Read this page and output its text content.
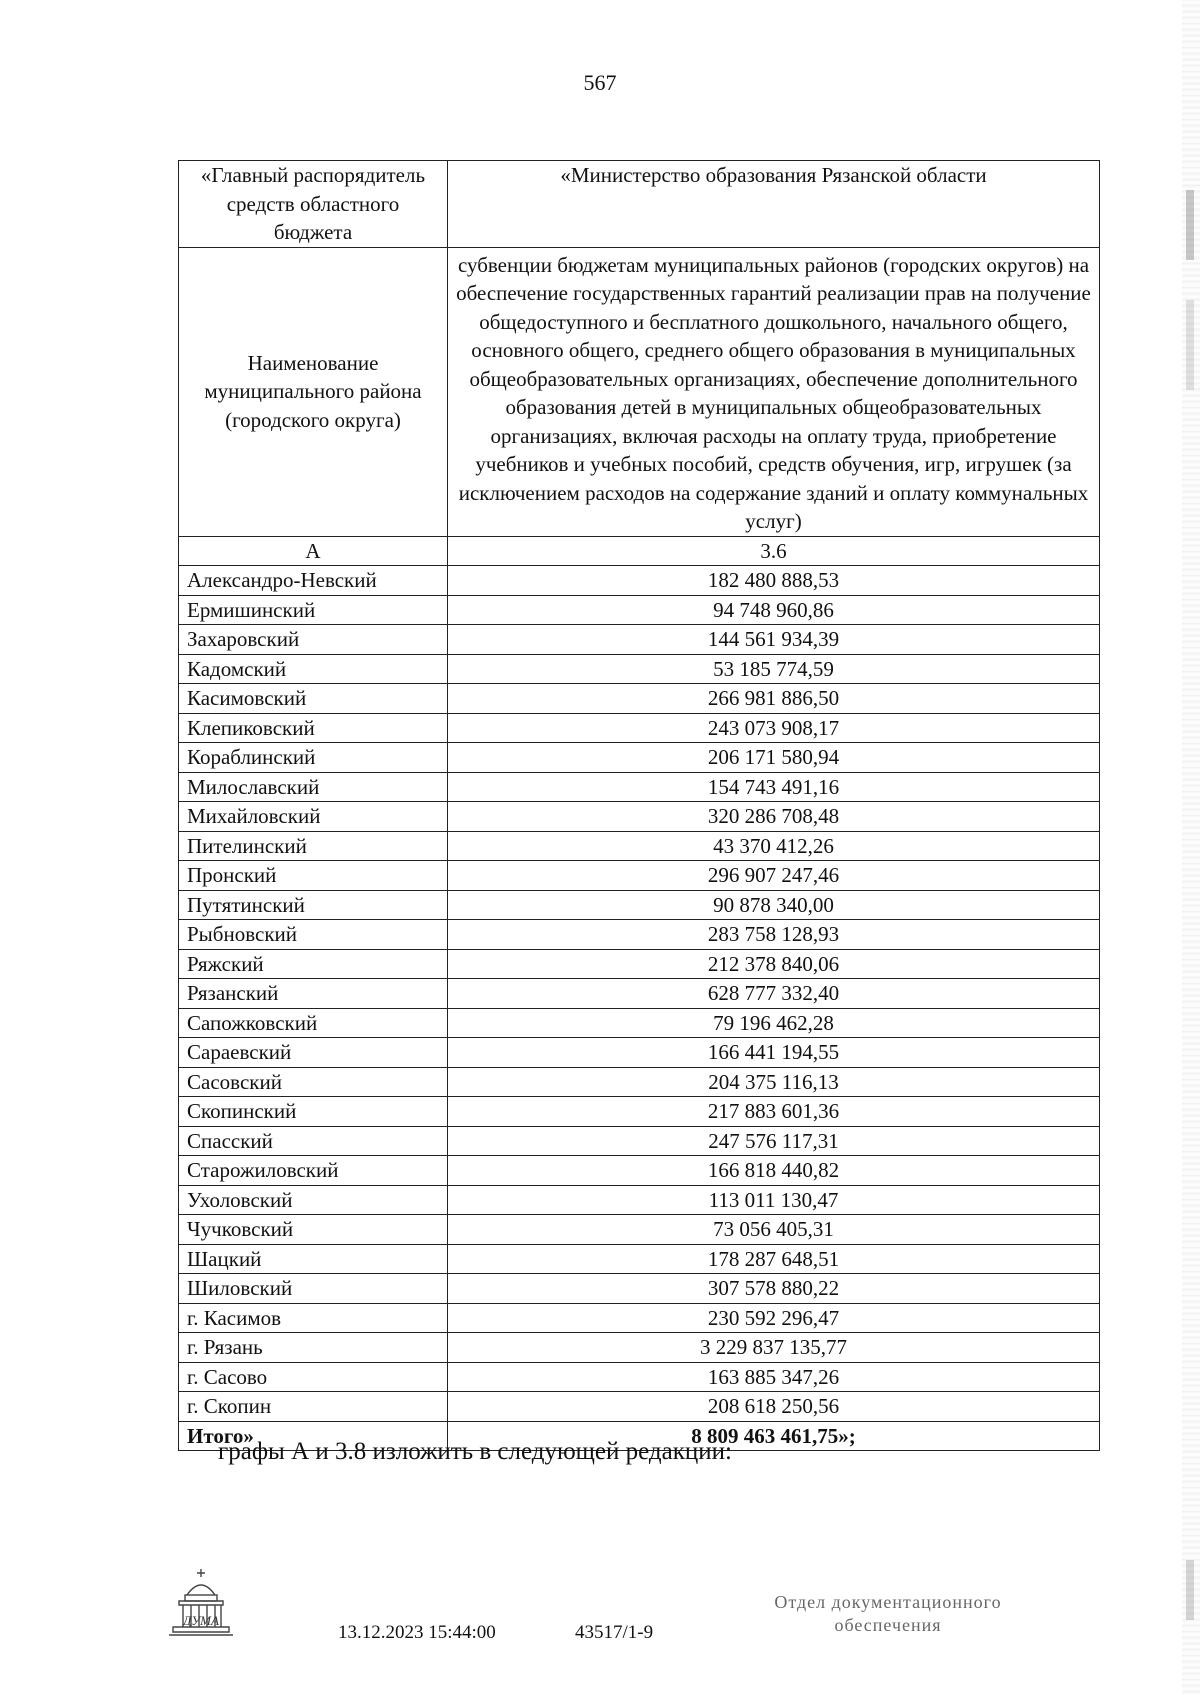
567
«Главный распорядитель средств областного бюджета	«Министерство образования Рязанской области
Наименование муниципального района (городского округа)	субвенции бюджетам муниципальных районов (городских округов) на обеспечение государственных гарантий реализации прав на получение общедоступного и бесплатного дошкольного, начального общего, основного общего, среднего общего образования в муниципальных общеобразовательных организациях, обеспечение дополнительного образования детей в муниципальных общеобразовательных организациях, включая расходы на оплату труда, приобретение учебников и учебных пособий, средств обучения, игр, игрушек (за исключением расходов на содержание зданий и оплату коммунальных услуг)
А	3.6
Александро-Невский	182 480 888,53
Ермишинский	94 748 960,86
Захаровский	144 561 934,39
Кадомский	53 185 774,59
Касимовский	266 981 886,50
Клепиковский	243 073 908,17
Кораблинский	206 171 580,94
Милославский	154 743 491,16
Михайловский	320 286 708,48
Пителинский	43 370 412,26
Пронский	296 907 247,46
Путятинский	90 878 340,00
Рыбновский	283 758 128,93
Ряжский	212 378 840,06
Рязанский	628 777 332,40
Сапожковский	79 196 462,28
Сараевский	166 441 194,55
Сасовский	204 375 116,13
Скопинский	217 883 601,36
Спасский	247 576 117,31
Старожиловский	166 818 440,82
Ухоловский	113 011 130,47
Чучковский	73 056 405,31
Шацкий	178 287 648,51
Шиловский	307 578 880,22
г. Касимов	230 592 296,47
г. Рязань	3 229 837 135,77
г. Сасово	163 885 347,26
г. Скопин	208 618 250,56
Итого»	8 809 463 461,75»;
графы А и 3.8 изложить в следующей редакции:
ДУМА
13.12.2023 15:44:00	43517/1-9
Отдел документационного
обеспечения
